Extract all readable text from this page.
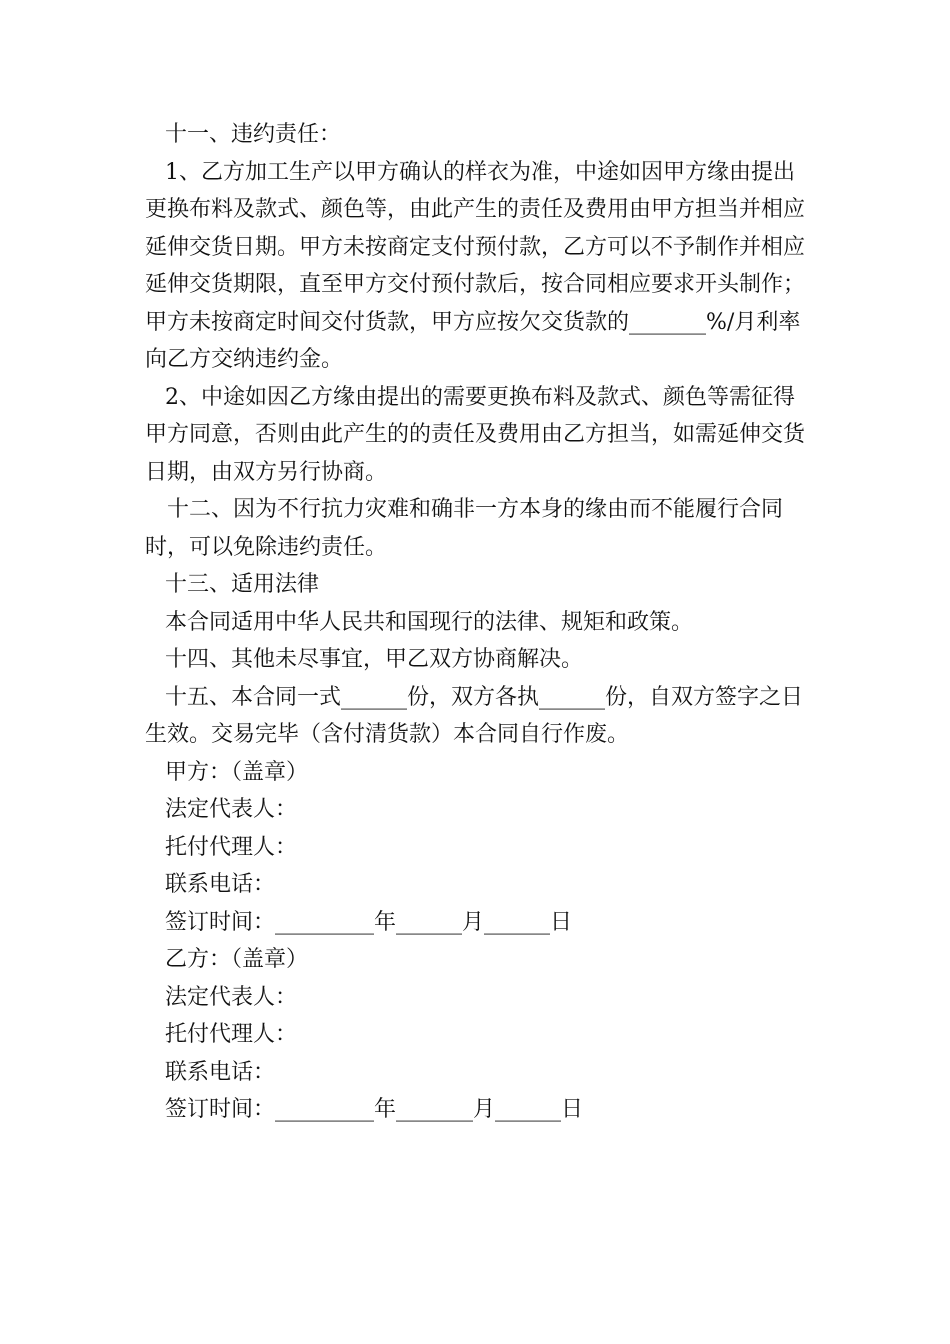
十一、违约责任：

1、乙方加工生产以甲方确认的样衣为准，中途如因甲方缘由提出更换布料及款式、颜色等，由此产生的责任及费用由甲方担当并相应延伸交货日期。甲方未按商定支付预付款，乙方可以不予制作并相应延伸交货期限，直至甲方交付预付款后，按合同相应要求开头制作；甲方未按商定时间交付货款，甲方应按欠交货款的_______%/月利率向乙方交纳违约金。

2、中途如因乙方缘由提出的需要更换布料及款式、颜色等需征得甲方同意，否则由此产生的的责任及费用由乙方担当，如需延伸交货日期，由双方另行协商。

十二、因为不行抗力灾难和确非一方本身的缘由而不能履行合同时，可以免除违约责任。

十三、适用法律

本合同适用中华人民共和国现行的法律、规矩和政策。

十四、其他未尽事宜，甲乙双方协商解决。

十五、本合同一式______份，双方各执______份，自双方签字之日生效。交易完毕（含付清货款）本合同自行作废。

甲方：（盖章）

法定代表人：

托付代理人：

联系电话：

签订时间：_________年______月______日

乙方：（盖章）

法定代表人：

托付代理人：

联系电话：

签订时间：_________年_______月______日
